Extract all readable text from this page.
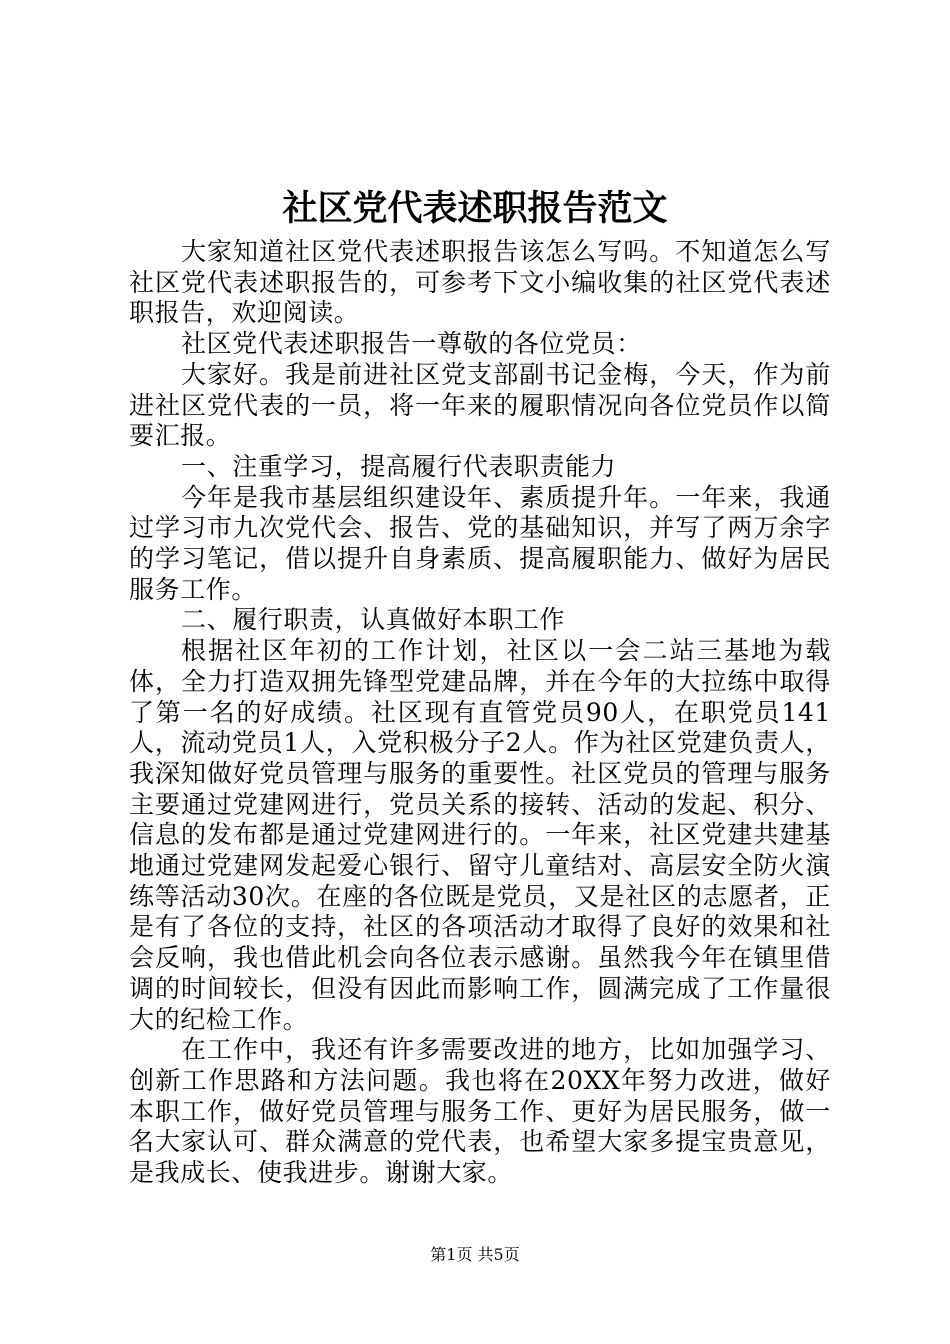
社区党代表述职报告范文

大家知道社区党代表述职报告该怎么写吗。不知道怎么写社区党代表述职报告的，可参考下文小编收集的社区党代表述职报告，欢迎阅读。

社区党代表述职报告一尊敬的各位党员：

大家好。我是前进社区党支部副书记金梅，今天，作为前进社区党代表的一员，将一年来的履职情况向各位党员作以简要汇报。

一、注重学习，提高履行代表职责能力

今年是我市基层组织建设年、素质提升年。一年来，我通过学习市九次党代会、报告、党的基础知识，并写了两万余字的学习笔记，借以提升自身素质、提高履职能力、做好为居民服务工作。

二、履行职责，认真做好本职工作

根据社区年初的工作计划，社区以一会二站三基地为载体，全力打造双拥先锋型党建品牌，并在今年的大拉练中取得了第一名的好成绩。社区现有直管党员90人，在职党员141人，流动党员1人，入党积极分子2人。作为社区党建负责人，我深知做好党员管理与服务的重要性。社区党员的管理与服务主要通过党建网进行，党员关系的接转、活动的发起、积分、信息的发布都是通过党建网进行的。一年来，社区党建共建基地通过党建网发起爱心银行、留守儿童结对、高层安全防火演练等活动30次。在座的各位既是党员，又是社区的志愿者，正是有了各位的支持，社区的各项活动才取得了良好的效果和社会反响，我也借此机会向各位表示感谢。虽然我今年在镇里借调的时间较长，但没有因此而影响工作，圆满完成了工作量很大的纪检工作。

在工作中，我还有许多需要改进的地方，比如加强学习、创新工作思路和方法问题。我也将在20XX年努力改进，做好本职工作，做好党员管理与服务工作、更好为居民服务，做一名大家认可、群众满意的党代表，也希望大家多提宝贵意见，是我成长、使我进步。谢谢大家。

第1页 共5页
